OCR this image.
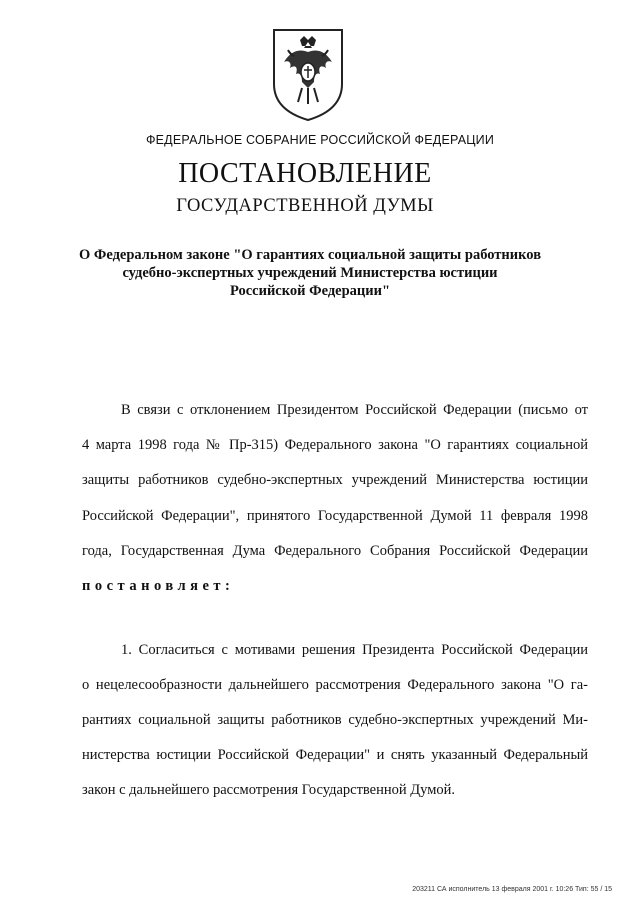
ФЕДЕРАЛЬНОЕ СОБРАНИЕ РОССИЙСКОЙ ФЕДЕРАЦИИ
ПОСТАНОВЛЕНИЕ
ГОСУДАРСТВЕННОЙ ДУМЫ
О Федеральном законе "О гарантиях социальной защиты работников
судебно-экспертных учреждений Министерства юстиции
Российской Федерации"
В связи с отклонением Президентом Российской Федерации (письмо от
4 марта 1998 года № Пр-315) Федерального закона "О гарантиях социальной
защиты работников судебно-экспертных учреждений Министерства юстиции
Российской Федерации", принятого Государственной Думой 11 февраля 1998
года, Государственная Дума Федерального Собрания Российской Федерации
постановляет:
1. Согласиться с мотивами решения Президента Российской Федерации
о нецелесообразности дальнейшего рассмотрения Федерального закона "О га-
рантиях социальной защиты работников судебно-экспертных учреждений Ми-
нистерства юстиции Российской Федерации" и снять указанный Федеральный
закон с дальнейшего рассмотрения Государственной Думой.
203211 СА исполнитель 13 февраля 2001 г. 10:26 Тип: 55 / 15
